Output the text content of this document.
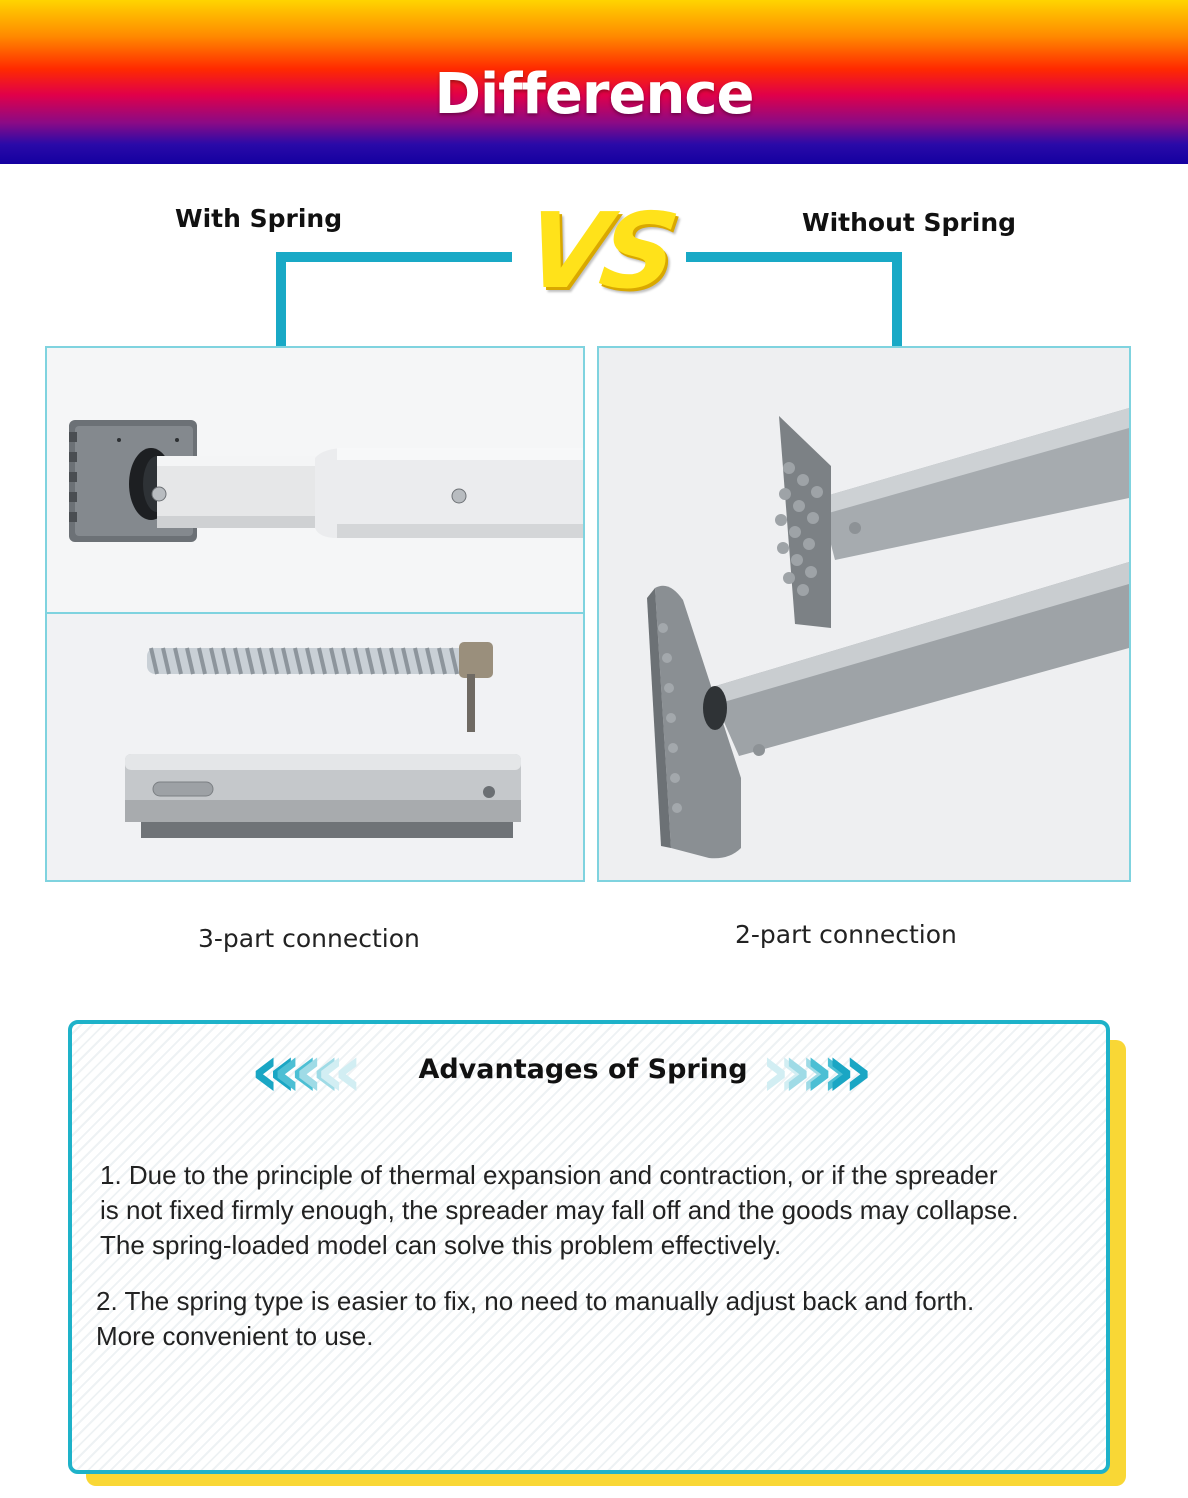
Difference
With Spring	Without Spring
VS
3-part connection	2-part connection
««««	Advantages of Spring »»»»
1. Due to the principle of thermal expansion and contraction, or if the spreader
is not fixed firmly enough, the spreader may fall off and the goods may collapse.
The spring-loaded model can solve this problem effectively.
2. The spring type is easier to fix, no need to manually adjust back and forth.
More convenient to use.
